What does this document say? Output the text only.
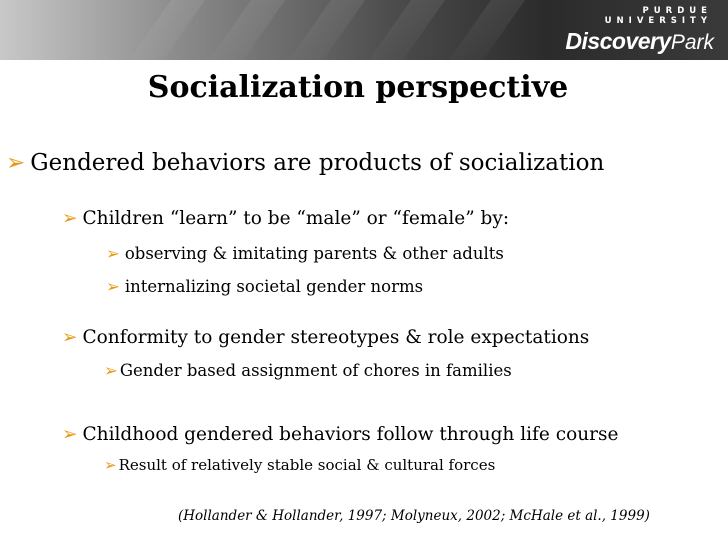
PURDUE UNIVERSITY
DiscoveryPark
Socialization perspective
➢ Gendered behaviors are products of socialization
➢ Children “learn” to be “male” or “female” by:
➢ observing & imitating parents & other adults
➢ internalizing societal gender norms
➢ Conformity to gender stereotypes & role expectations
➢ Gender based assignment of chores in families
➢ Childhood gendered behaviors follow through life course
➢ Result of relatively stable social & cultural forces
(Hollander & Hollander, 1997; Molyneux, 2002; McHale et al., 1999)
